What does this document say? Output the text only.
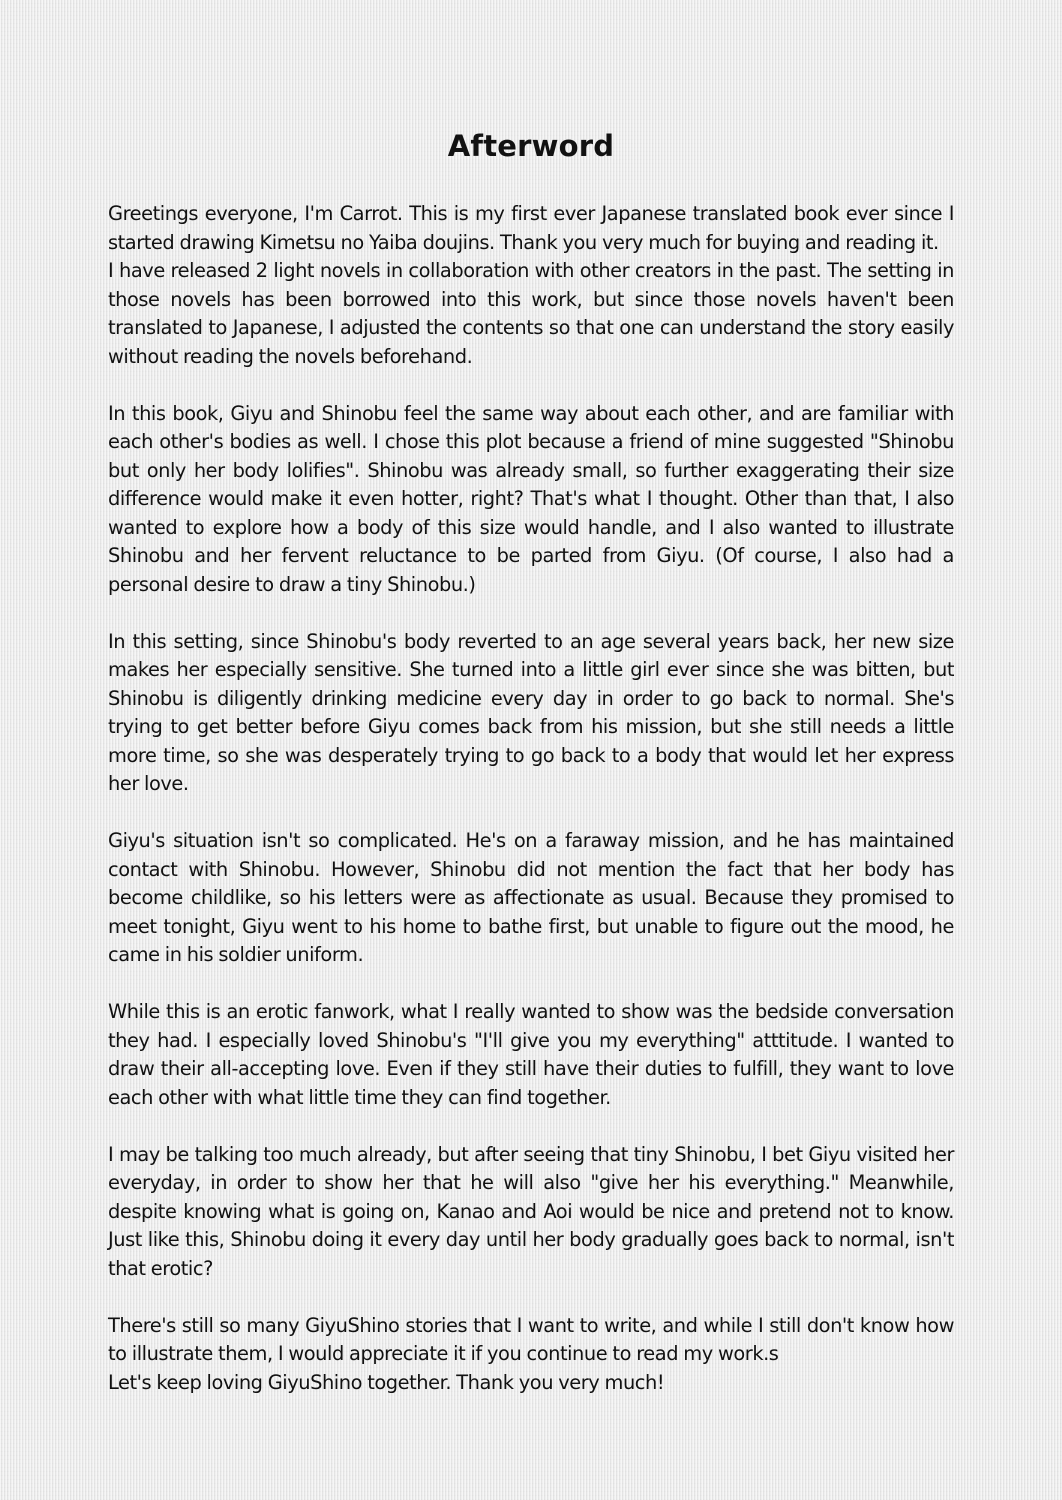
Afterword

Greetings everyone, I'm Carrot. This is my first ever Japanese translated book ever since I started drawing Kimetsu no Yaiba doujins. Thank you very much for buying and reading it.
I have released 2 light novels in collaboration with other creators in the past. The setting in those novels has been borrowed into this work, but since those novels haven't been translated to Japanese, I adjusted the contents so that one can understand the story easily without reading the novels beforehand.

In this book, Giyu and Shinobu feel the same way about each other, and are familiar with each other's bodies as well. I chose this plot because a friend of mine suggested "Shinobu but only her body lolifies". Shinobu was already small, so further exaggerating their size difference would make it even hotter, right? That's what I thought. Other than that, I also wanted to explore how a body of this size would handle, and I also wanted to illustrate Shinobu and her fervent reluctance to be parted from Giyu. (Of course, I also had a personal desire to draw a tiny Shinobu.)

In this setting, since Shinobu's body reverted to an age several years back, her new size makes her especially sensitive. She turned into a little girl ever since she was bitten, but Shinobu is diligently drinking medicine every day in order to go back to normal. She's trying to get better before Giyu comes back from his mission, but she still needs a little more time, so she was desperately trying to go back to a body that would let her express her love.

Giyu's situation isn't so complicated. He's on a faraway mission, and he has maintained contact with Shinobu. However, Shinobu did not mention the fact that her body has become childlike, so his letters were as affectionate as usual. Because they promised to meet tonight, Giyu went to his home to bathe first, but unable to figure out the mood, he came in his soldier uniform.

While this is an erotic fanwork, what I really wanted to show was the bedside conversation they had. I especially loved Shinobu's "I'll give you my everything" atttitude. I wanted to draw their all-accepting love. Even if they still have their duties to fulfill, they want to love each other with what little time they can find together.

I may be talking too much already, but after seeing that tiny Shinobu, I bet Giyu visited her everyday, in order to show her that he will also "give her his everything." Meanwhile, despite knowing what is going on, Kanao and Aoi would be nice and pretend not to know. Just like this, Shinobu doing it every day until her body gradually goes back to normal, isn't that erotic?

There's still so many GiyuShino stories that I want to write, and while I still don't know how to illustrate them, I would appreciate it if you continue to read my work.s
Let's keep loving GiyuShino together. Thank you very much!
